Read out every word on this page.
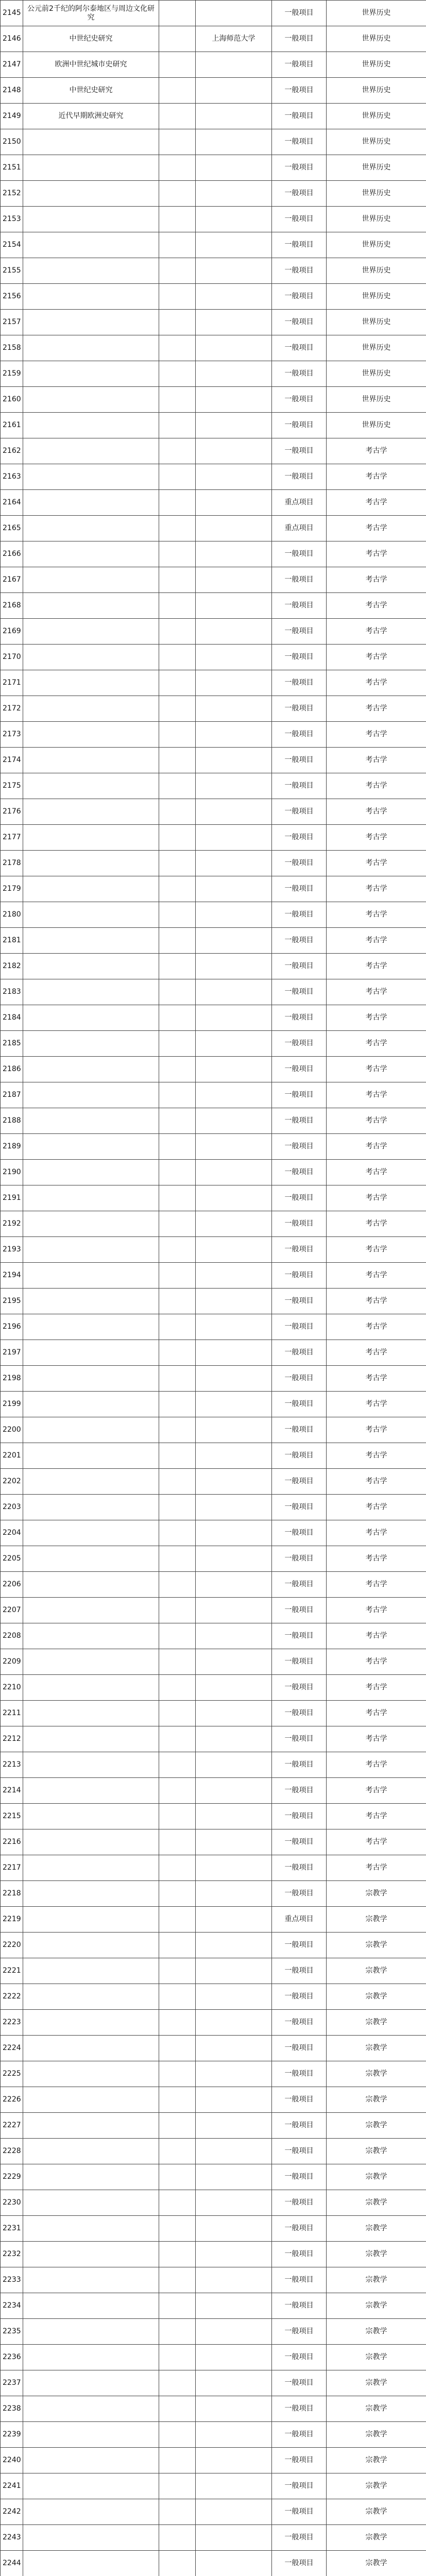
2145	公元前2千纪的阿尔泰地区与周边文化研究			一般项目	世界历史
2146	中世纪史研究		上海师范大学	一般项目	世界历史
2147	欧洲中世纪城市史研究			一般项目	世界历史
2148	中世纪史研究			一般项目	世界历史
2149	近代早期欧洲史研究			一般项目	世界历史
2150				一般项目	世界历史
2151				一般项目	世界历史
2152				一般项目	世界历史
2153				一般项目	世界历史
2154				一般项目	世界历史
2155				一般项目	世界历史
2156				一般项目	世界历史
2157				一般项目	世界历史
2158				一般项目	世界历史
2159				一般项目	世界历史
2160				一般项目	世界历史
2161				一般项目	世界历史
2162				一般项目	考古学
2163				一般项目	考古学
2164				重点项目	考古学
2165				重点项目	考古学
2166				一般项目	考古学
2167				一般项目	考古学
2168				一般项目	考古学
2169				一般项目	考古学
2170				一般项目	考古学
2171				一般项目	考古学
2172				一般项目	考古学
2173				一般项目	考古学
2174				一般项目	考古学
2175				一般项目	考古学
2176				一般项目	考古学
2177				一般项目	考古学
2178				一般项目	考古学
2179				一般项目	考古学
2180				一般项目	考古学
2181				一般项目	考古学
2182				一般项目	考古学
2183				一般项目	考古学
2184				一般项目	考古学
2185				一般项目	考古学
2186				一般项目	考古学
2187				一般项目	考古学
2188				一般项目	考古学
2189				一般项目	考古学
2190				一般项目	考古学
2191				一般项目	考古学
2192				一般项目	考古学
2193				一般项目	考古学
2194				一般项目	考古学
2195				一般项目	考古学
2196				一般项目	考古学
2197				一般项目	考古学
2198				一般项目	考古学
2199				一般项目	考古学
2200				一般项目	考古学
2201				一般项目	考古学
2202				一般项目	考古学
2203				一般项目	考古学
2204				一般项目	考古学
2205				一般项目	考古学
2206				一般项目	考古学
2207				一般项目	考古学
2208				一般项目	考古学
2209				一般项目	考古学
2210				一般项目	考古学
2211				一般项目	考古学
2212				一般项目	考古学
2213				一般项目	考古学
2214				一般项目	考古学
2215				一般项目	考古学
2216				一般项目	考古学
2217				一般项目	考古学
2218				一般项目	宗教学
2219				重点项目	宗教学
2220				一般项目	宗教学
2221				一般项目	宗教学
2222				一般项目	宗教学
2223				一般项目	宗教学
2224				一般项目	宗教学
2225				一般项目	宗教学
2226				一般项目	宗教学
2227				一般项目	宗教学
2228				一般项目	宗教学
2229				一般项目	宗教学
2230				一般项目	宗教学
2231				一般项目	宗教学
2232				一般项目	宗教学
2233				一般项目	宗教学
2234				一般项目	宗教学
2235				一般项目	宗教学
2236				一般项目	宗教学
2237				一般项目	宗教学
2238				一般项目	宗教学
2239				一般项目	宗教学
2240				一般项目	宗教学
2241				一般项目	宗教学
2242				一般项目	宗教学
2243				一般项目	宗教学
2244				一般项目	宗教学
